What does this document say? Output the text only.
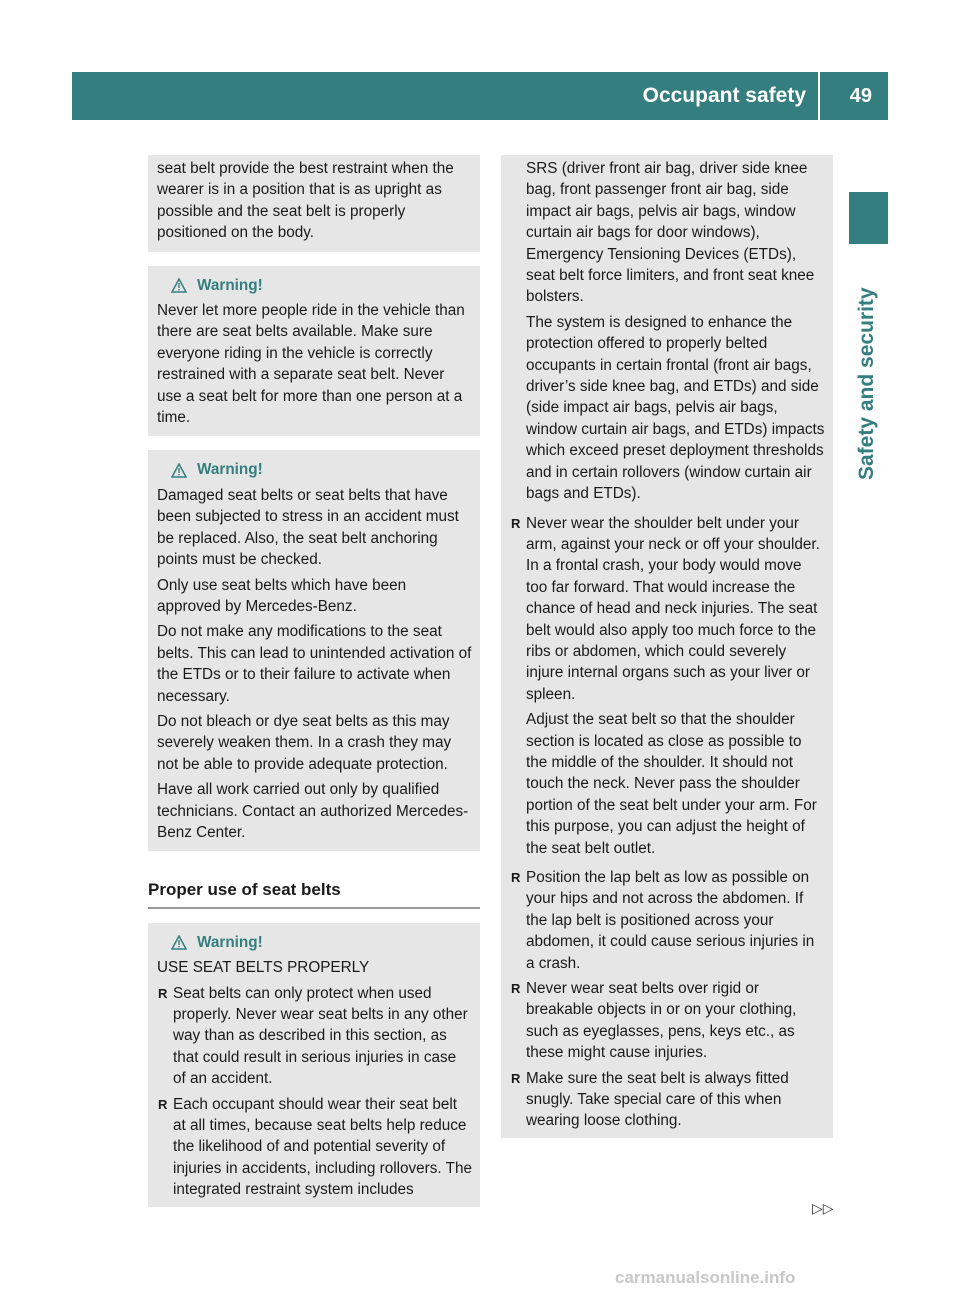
Occupant safety	49
Safety and security

seat belt provide the best restraint when the wearer is in a position that is as upright as possible and the seat belt is properly positioned on the body.

Warning!

Never let more people ride in the vehicle than there are seat belts available. Make sure everyone riding in the vehicle is correctly restrained with a separate seat belt. Never use a seat belt for more than one person at a time.

Warning!

Damaged seat belts or seat belts that have been subjected to stress in an accident must be replaced. Also, the seat belt anchoring points must be checked.

Only use seat belts which have been approved by Mercedes-Benz.

Do not make any modifications to the seat belts. This can lead to unintended activation of the ETDs or to their failure to activate when necessary.

Do not bleach or dye seat belts as this may severely weaken them. In a crash they may not be able to provide adequate protection.

Have all work carried out only by qualified technicians. Contact an authorized Mercedes-Benz Center.

Proper use of seat belts
Warning!

USE SEAT BELTS PROPERLY

R Seat belts can only protect when used properly. Never wear seat belts in any other way than as described in this section, as that could result in serious injuries in case of an accident.

R Each occupant should wear their seat belt at all times, because seat belts help reduce the likelihood of and potential severity of injuries in accidents, including rollovers. The integrated restraint system includes

SRS (driver front air bag, driver side knee bag, front passenger front air bag, side impact air bags, pelvis air bags, window curtain air bags for door windows), Emergency Tensioning Devices (ETDs), seat belt force limiters, and front seat knee bolsters.

The system is designed to enhance the protection offered to properly belted occupants in certain frontal (front air bags, driver’s side knee bag, and ETDs) and side (side impact air bags, pelvis air bags, window curtain air bags, and ETDs) impacts which exceed preset deployment thresholds and in certain rollovers (window curtain air bags and ETDs).

R Never wear the shoulder belt under your arm, against your neck or off your shoulder. In a frontal crash, your body would move too far forward. That would increase the chance of head and neck injuries. The seat belt would also apply too much force to the ribs or abdomen, which could severely injure internal organs such as your liver or spleen.

Adjust the seat belt so that the shoulder section is located as close as possible to the middle of the shoulder. It should not touch the neck. Never pass the shoulder portion of the seat belt under your arm. For this purpose, you can adjust the height of the seat belt outlet.

R Position the lap belt as low as possible on your hips and not across the abdomen. If the lap belt is positioned across your abdomen, it could cause serious injuries in a crash.

R Never wear seat belts over rigid or breakable objects in or on your clothing, such as eyeglasses, pens, keys etc., as these might cause injuries.

R Make sure the seat belt is always fitted snugly. Take special care of this when wearing loose clothing.

▷▷
carmanualsonline.info
